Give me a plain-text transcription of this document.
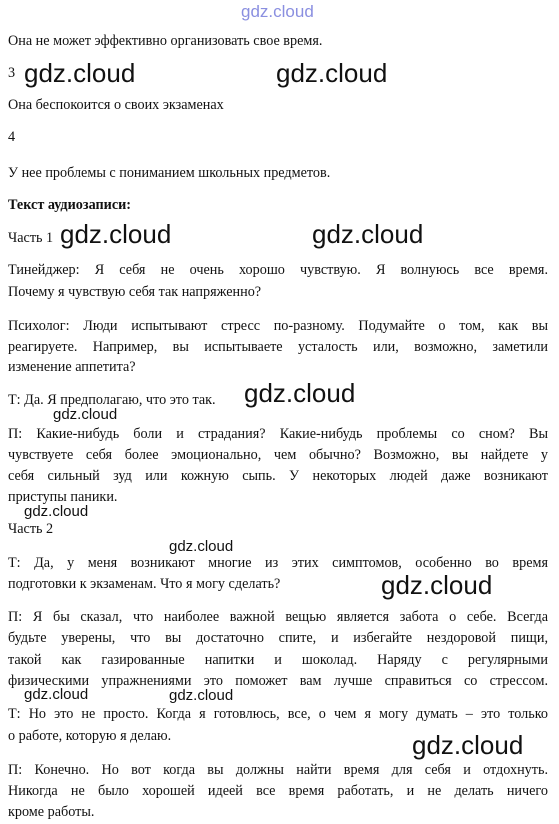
gdz.cloud
gdz.cloud	gdz.cloud
gdz.cloud	gdz.cloud
gdz.cloud
gdz.cloud
gdz.cloud
gdz.cloud
gdz.cloud
gdz.cloud	gdz.cloud
gdz.cloud
Она не может эффективно организовать свое время.
3
Она беспокоится о своих экзаменах
4
У нее проблемы с пониманием школьных предметов.
Текст аудиозаписи:
Часть 1
Тинейджер: Я себя не очень хорошо чувствую. Я волнуюсь все время.
Почему я чувствую себя так напряженно?
Психолог: Люди испытывают стресс по-разному. Подумайте о том, как вы
реагируете. Например, вы испытываете усталость или, возможно, заметили
изменение аппетита?
Т: Да. Я предполагаю, что это так.
П: Какие-нибудь боли и страдания? Какие-нибудь проблемы со сном? Вы
чувствуете себя более эмоционально, чем обычно? Возможно, вы найдете у
себя сильный зуд или кожную сыпь. У некоторых людей даже возникают
приступы паники.
Часть 2
Т: Да, у меня возникают многие из этих симптомов, особенно во время
подготовки к экзаменам. Что я могу сделать?
П: Я бы сказал, что наиболее важной вещью является забота о себе. Всегда
будьте уверены, что вы достаточно спите, и избегайте нездоровой пищи,
такой как газированные напитки и шоколад. Наряду с регулярными
физическими упражнениями это поможет вам лучше справиться со стрессом.
Т: Но это не просто. Когда я готовлюсь, все, о чем я могу думать – это только
о работе, которую я делаю.
П: Конечно. Но вот когда вы должны найти время для себя и отдохнуть.
Никогда не было хорошей идеей все время работать, и не делать ничего
кроме работы.
